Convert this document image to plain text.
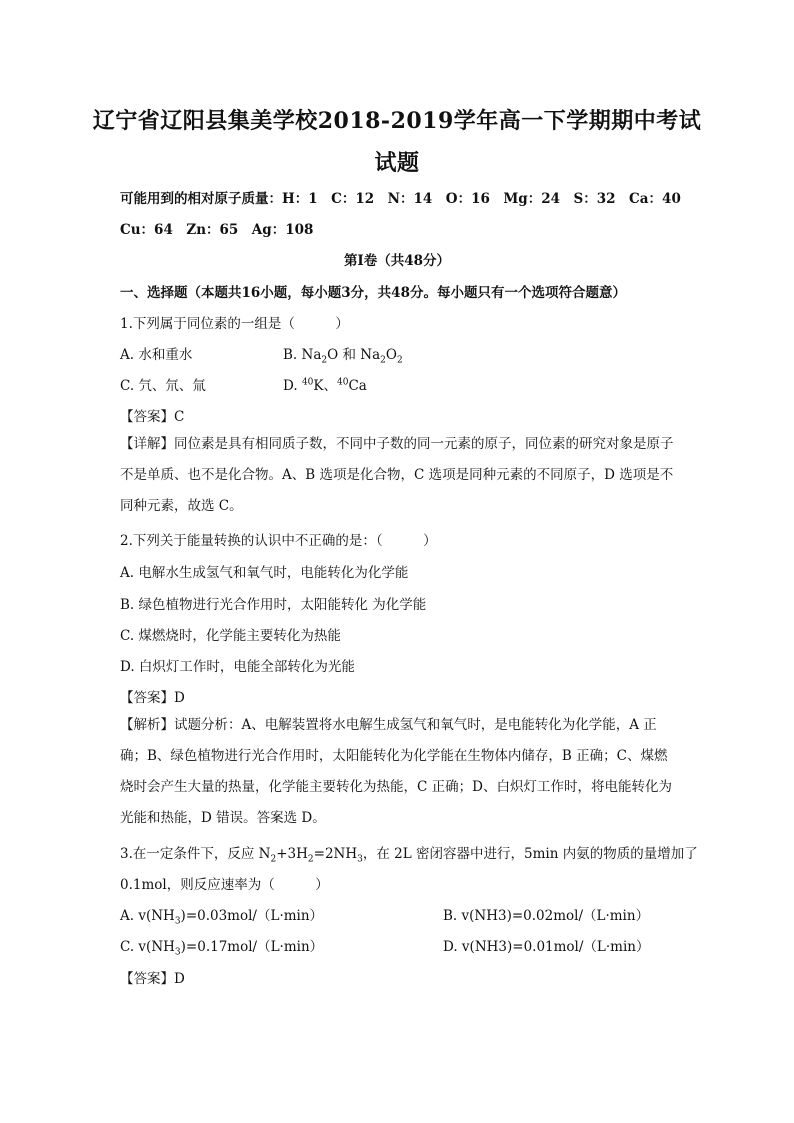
辽宁省辽阳县集美学校2018-2019学年高一下学期期中考试
试题
可能用到的相对原子质量：H：1　C：12　N：14　O：16　Mg：24　S：32　Ca：40
Cu：64　Zn：65　Ag：108
第Ⅰ卷（共48分）
一、选择题（本题共16小题，每小题3分，共48分。每小题只有一个选项符合题意）
1.下列属于同位素的一组是（　　　）
A. 水和重水	B. $Na_2O$ 和 $Na_2O_2$
C. 氕、氘、氚	D. $^{40}$K、$^{40}$Ca
【答案】C
【详解】同位素是具有相同质子数，不同中子数的同一元素的原子，同位素的研究对象是原子不是单质、也不是化合物。A、B 选项是化合物，C 选项是同种元素的不同原子，D 选项是不同种元素，故选 C。
2.下列关于能量转换的认识中不正确的是：（　　　）
A. 电解水生成氢气和氧气时，电能转化为化学能
B. 绿色植物进行光合作用时，太阳能转化 为化学能
C. 煤燃烧时，化学能主要转化为热能
D. 白炽灯工作时，电能全部转化为光能
【答案】D
【解析】试题分析：A、电解装置将水电解生成氢气和氧气时，是电能转化为化学能，A 正确；B、绿色植物进行光合作用时，太阳能转化为化学能在生物体内储存，B 正确；C、煤燃烧时会产生大量的热量，化学能主要转化为热能，C 正确；D、白炽灯工作时，将电能转化为光能和热能，D 错误。答案选 D。
3.在一定条件下，反应 $N_2+3H_2=2NH_3$，在 2L 密闭容器中进行，5min 内氨的物质的量增加了
0.1mol，则反应速率为（　　　）
A. $v(NH_3)=0.03mol/(L\cdot\min)$	B. v(NH3)=0.02mol/（L·min）
C. $v(NH_3)=0.17mol/(L\cdot\min)$	D. v(NH3)=0.01mol/（L·min）
【答案】D
